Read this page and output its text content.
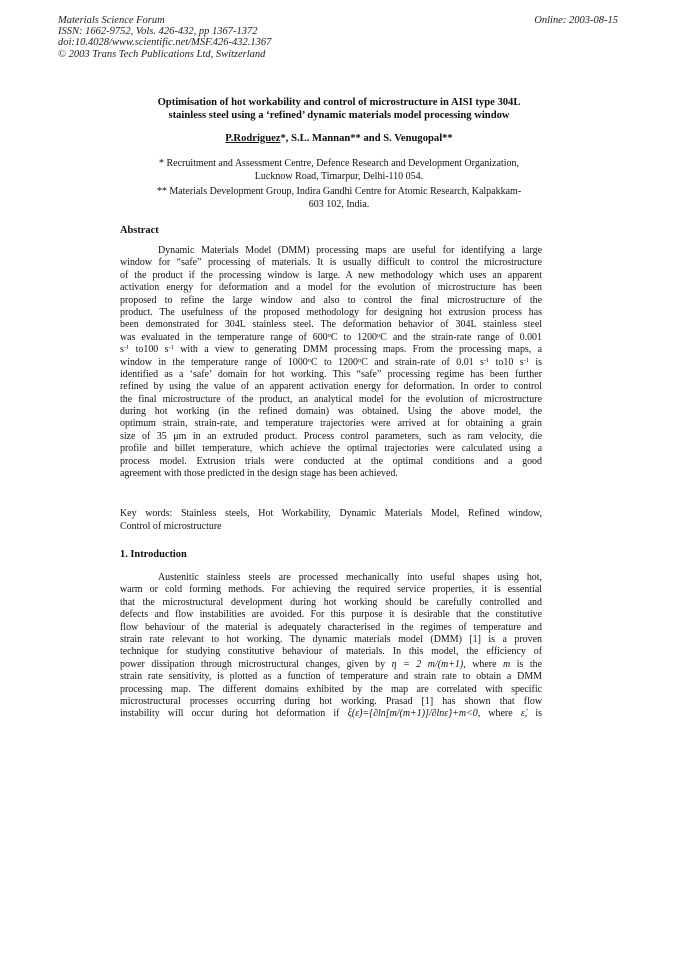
Materials Science Forum
ISSN: 1662-9752, Vols. 426-432, pp 1367-1372
doi:10.4028/www.scientific.net/MSF.426-432.1367
© 2003 Trans Tech Publications Ltd, Switzerland
Online: 2003-08-15
Optimisation of hot workability and control of microstructure in AISI type 304L
stainless steel using a ‘refined’ dynamic materials model processing window
P.Rodriguez*, S.L. Mannan** and S. Venugopal**
* Recruitment and Assessment Centre, Defence Research and Development Organization,
Lucknow Road, Timarpur, Delhi-110 054.
** Materials Development Group, Indira Gandhi Centre for Atomic Research, Kalpakkam-
603 102, India.
Abstract
Dynamic Materials Model (DMM) processing maps are useful for identifying a large
window for “safe” processing of materials. It is usually difficult to control the microstructure
of the product if the processing window is large. A new methodology which uses an apparent
activation energy for deformation and a model for the evolution of microstructure has been
proposed to refine the large window and also to control the final microstructure of the
product. The usefulness of the proposed methodology for designing hot extrusion process has
been demonstrated for 304L stainless steel. The deformation behavior of 304L stainless steel
was evaluated in the temperature range of 600$^o$C to 1200$^o$C and the strain-rate range of 0.001
$s^{-1}$ to100 $s^{-1}$ with a view to generating DMM processing maps. From the processing maps, a
window in the temperature range of 1000$^o$C to 1200$^o$C and strain-rate of 0.01 $s^{-1}$ to10 $s^{-1}$ is
identified as a ‘safe’ domain for hot working. This “safe” processing regime has been further
refined by using the value of an apparent activation energy for deformation. In order to control
the final microstructure of the product, an analytical model for the evolution of microstructure
during hot working (in the refined domain) was obtained. Using the above model, the
optimum strain, strain-rate, and temperature trajectories were arrived at for obtaining a grain
size of 35 μm in an extruded product. Process control parameters, such as ram velocity, die
profile and billet temperature, which achieve the optimal trajectories were calculated using a
process model. Extrusion trials were conducted at the optimal conditions and a good
agreement with those predicted in the design stage has been achieved.
Key words: Stainless steels, Hot Workability, Dynamic Materials Model, Refined window,
Control of microstructure
1. Introduction
Austenitic stainless steels are processed mechanically into useful shapes using hot,
warm or cold forming methods. For achieving the required service properties, it is essential
that the microstructural development during hot working should be carefully controlled and
defects and flow instabilities are avoided. For this purpose it is desirable that the constitutive
flow behaviour of the material is adequately characterised in the regimes of temperature and
strain rate relevant to hot working. The dynamic materials model (DMM) [1] is a proven
technique for studying constitutive behaviour of materials. In this model, the efficiency of
power dissipation through microstructural changes, given by η = 2 m/(m+1), where m is the
strain rate sensitivity, is plotted as a function of temperature and strain rate to obtain a DMM
processing map. The different domains exhibited by the map are correlated with specific
microstructural processes occurring during hot working. Prasad [1] has shown that flow
instability will occur during hot deformation if ξ(ε̇)={∂ln[m/(m+1)]/∂lnε̇}+m<0, where ε̇, is
